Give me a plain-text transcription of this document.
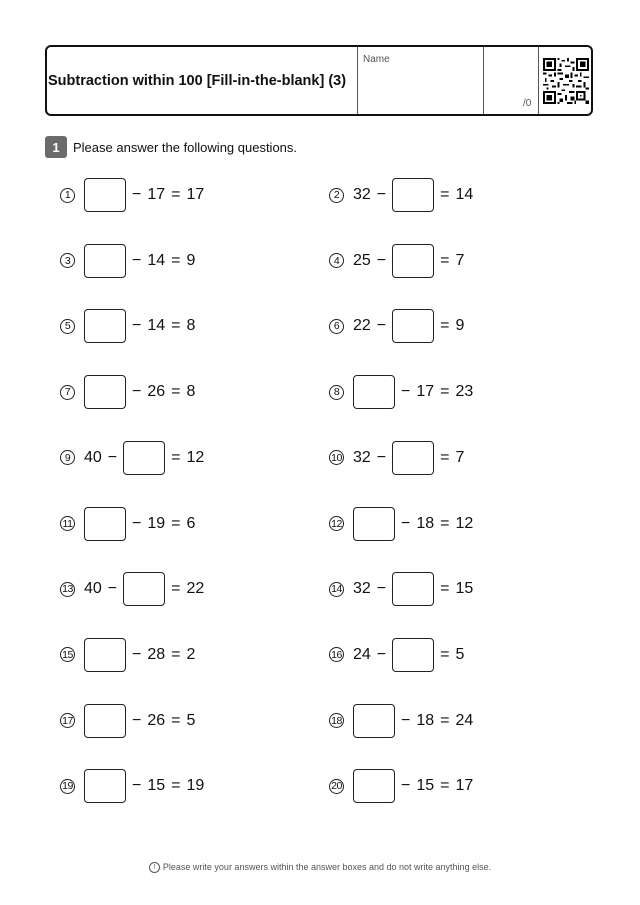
Subtraction within 100 [Fill-in-the-blank] (3)
Name
/0
1	Please answer the following questions.
1	− 17 = 17	2 32 −	= 14
3	− 14 = 9	4 25 −	= 7
5	− 14 = 8	6 22 −	= 9
7	− 26 = 8	8	− 17 = 23
9 40 −	= 12	10 32 −	= 7
11	− 19 = 6	12	− 18 = 12
13 40 −	= 22	14 32 −	= 15
15	− 28 = 2	16 24 −	= 5
17	− 26 = 5	18	− 18 = 24
19	− 15 = 19	20	− 15 = 17
! Please write your answers within the answer boxes and do not write anything else.
